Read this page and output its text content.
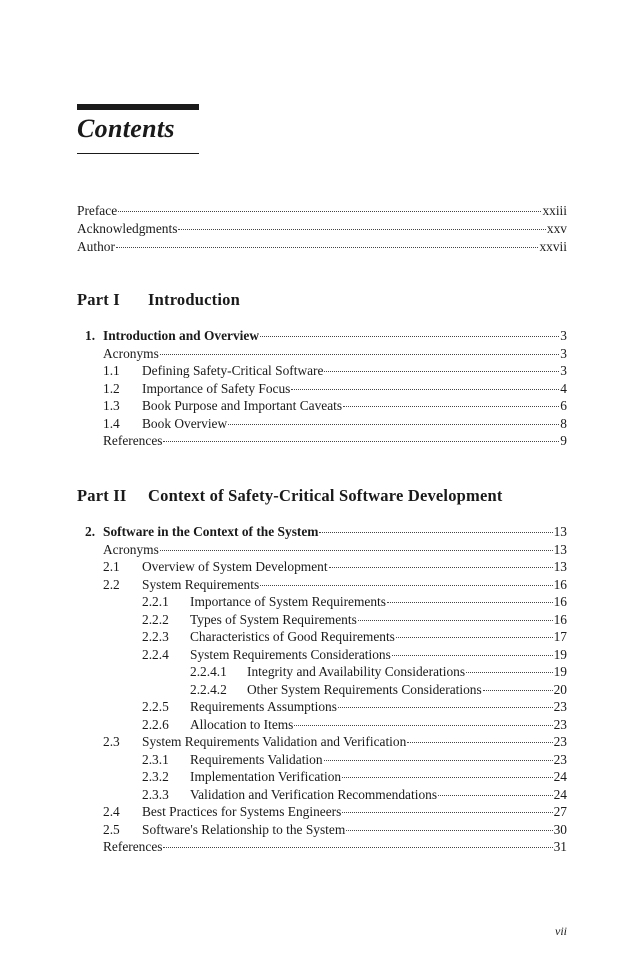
Contents
Preface	xxiii
Acknowledgments	xxv
Author	xxvii
Part I Introduction
1. Introduction and Overview	3
Acronyms	3
1.1	Defining Safety-Critical Software	3
1.2	Importance of Safety Focus	4
1.3	Book Purpose and Important Caveats	6
1.4	Book Overview	8
References	9
Part II Context of Safety-Critical Software Development
2. Software in the Context of the System	13
Acronyms	13
2.1	Overview of System Development	13
2.2	System Requirements	16
2.2.1	Importance of System Requirements	16
2.2.2	Types of System Requirements	16
2.2.3	Characteristics of Good Requirements	17
2.2.4	System Requirements Considerations	19
2.2.4.1	Integrity and Availability Considerations	19
2.2.4.2	Other System Requirements Considerations	20
2.2.5	Requirements Assumptions	23
2.2.6	Allocation to Items	23
2.3	System Requirements Validation and Verification	23
2.3.1	Requirements Validation	23
2.3.2	Implementation Verification	24
2.3.3	Validation and Verification Recommendations	24
2.4	Best Practices for Systems Engineers	27
2.5	Software's Relationship to the System	30
References	31
vii
